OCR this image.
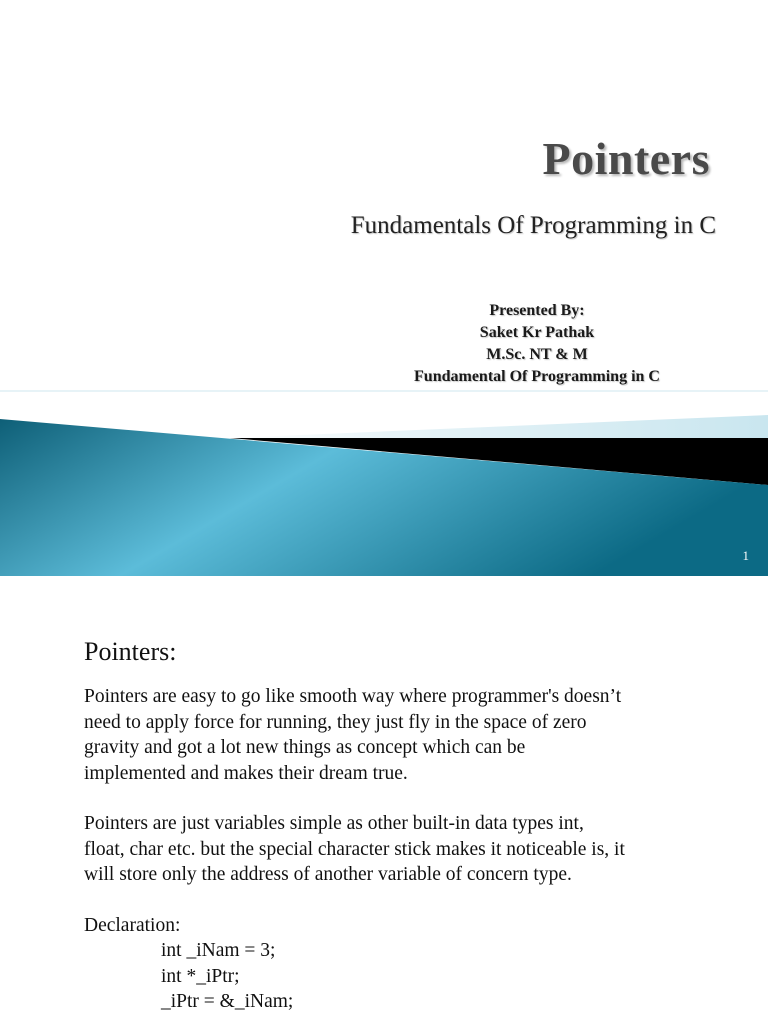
Pointers
Fundamentals Of Programming in C
Presented By:
Saket Kr Pathak
M.Sc. NT & M
Fundamental Of Programming in C
1
Pointers:
Pointers are easy to go like smooth way where programmer's doesn’t
need to apply force for running, they just fly in the space of zero
gravity and got a lot new things as concept which can be
implemented and makes their dream true.
Pointers are just variables simple as other built-in data types int,
float, char etc. but the special character stick makes it noticeable is, it
will store only the address of another variable of concern type.
Declaration:
int _iNam = 3;
int *_iPtr;
_iPtr = &_iNam;
